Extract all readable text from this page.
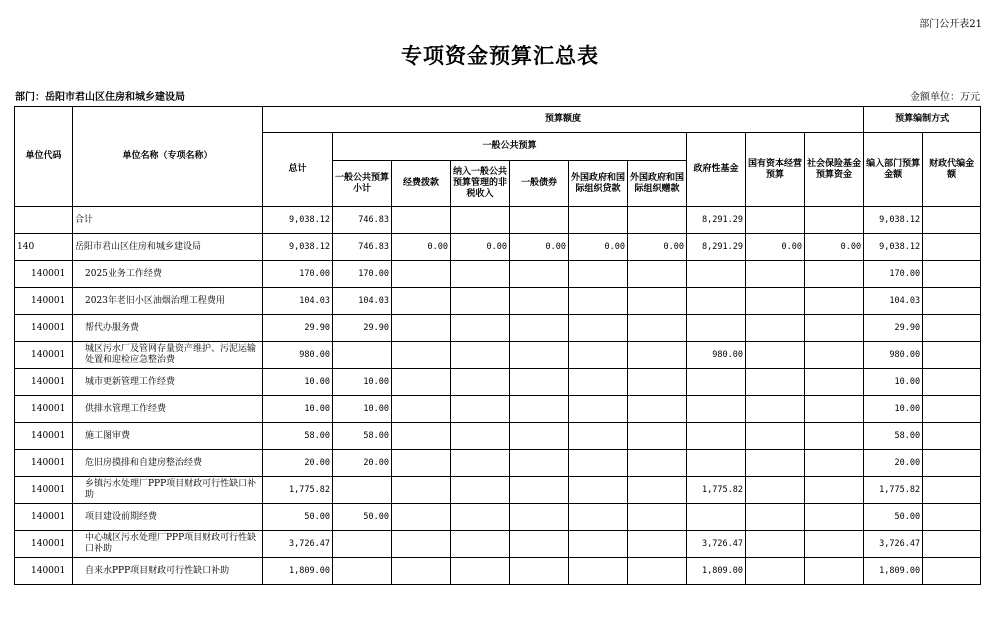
部门公开表21
专项资金预算汇总表
部门：岳阳市君山区住房和城乡建设局	金额单位：万元
单位代码	单位名称（专项名称）	预算额度										预算编制方式	
		总计	一般公共预算						政府性基金	国有资本经营预算	社会保险基金预算资金	编入部门预算金额	财政代编金额
			一般公共预算小计	经费拨款	纳入一般公共预算管理的非税收入	一般债券	外国政府和国际组织贷款	外国政府和国际组织赠款					
	合计	9,038.12	746.83						8,291.29			9,038.12	
140	岳阳市君山区住房和城乡建设局	9,038.12	746.83	0.00	0.00	0.00	0.00	0.00	8,291.29	0.00	0.00	9,038.12	
140001	2025业务工作经费	170.00	170.00									170.00	
140001	2023年老旧小区油烟治理工程费用	104.03	104.03									104.03	
140001	帮代办服务费	29.90	29.90									29.90	
140001	城区污水厂及管网存量资产维护、污泥运输处置和迎检应急整治费	980.00							980.00			980.00	
140001	城市更新管理工作经费	10.00	10.00									10.00	
140001	供排水管理工作经费	10.00	10.00									10.00	
140001	施工图审费	58.00	58.00									58.00	
140001	危旧房摸排和自建房整治经费	20.00	20.00									20.00	
140001	乡镇污水处理厂PPP项目财政可行性缺口补助	1,775.82							1,775.82			1,775.82	
140001	项目建设前期经费	50.00	50.00									50.00	
140001	中心城区污水处理厂PPP项目财政可行性缺口补助	3,726.47							3,726.47			3,726.47	
140001	自来水PPP项目财政可行性缺口补助	1,809.00							1,809.00			1,809.00	
